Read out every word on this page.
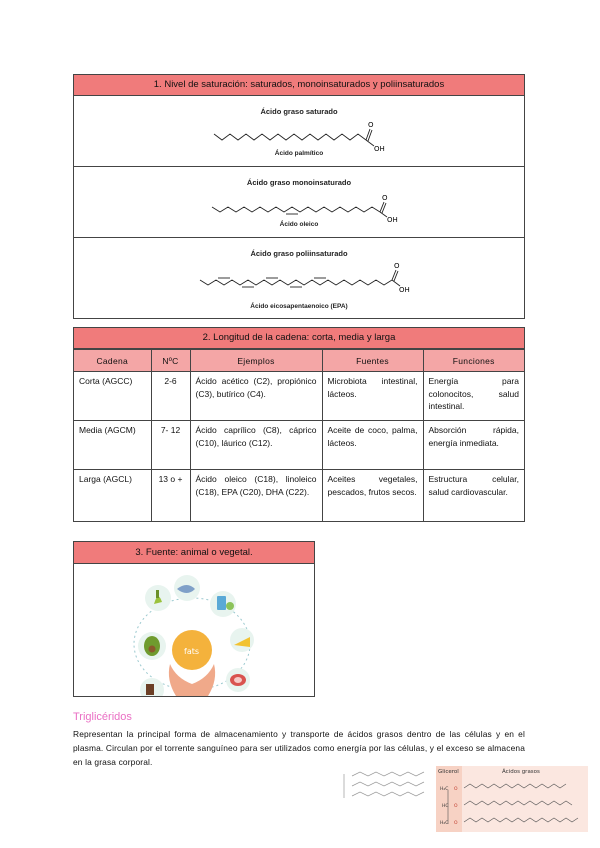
1. Nivel de saturación: saturados, monoinsaturados y poliinsaturados
Ácido graso saturado
O
OH
Ácido palmítico
Ácido graso monoinsaturado
O
OH
Ácido oleico
Ácido graso poliinsaturado
O
OH
Ácido eicosapentaenoico (EPA)
2. Longitud de la cadena: corta, media y larga
Cadena	NºC	Ejemplos	Fuentes	Funciones
Corta (AGCC)	2-6	Ácido acético (C2), propiónico (C3), butírico (C4).	Microbiota intestinal, lácteos.	Energía para colonocitos, salud intestinal.
Media (AGCM)	7- 12	Ácido caprílico (C8), cáprico (C10), láurico (C12).	Aceite de coco, palma, lácteos.	Absorción rápida, energía inmediata.
Larga (AGCL)	13 o +	Ácido oleico (C18), linoleico (C18), EPA (C20), DHA (C22).	Aceites vegetales, pescados, frutos secos.	Estructura celular, salud cardiovascular.
3. Fuente: animal o vegetal.
fats
Triglicéridos
Representan la principal forma de almacenamiento y transporte de ácidos grasos dentro de las células y en el plasma. Circulan por el torrente sanguíneo para ser utilizados como energía por las células, y el exceso se almacena en la grasa corporal.
Glicerol	Ácidos grasos
H₂C
HC
H₂C
O
O
O
